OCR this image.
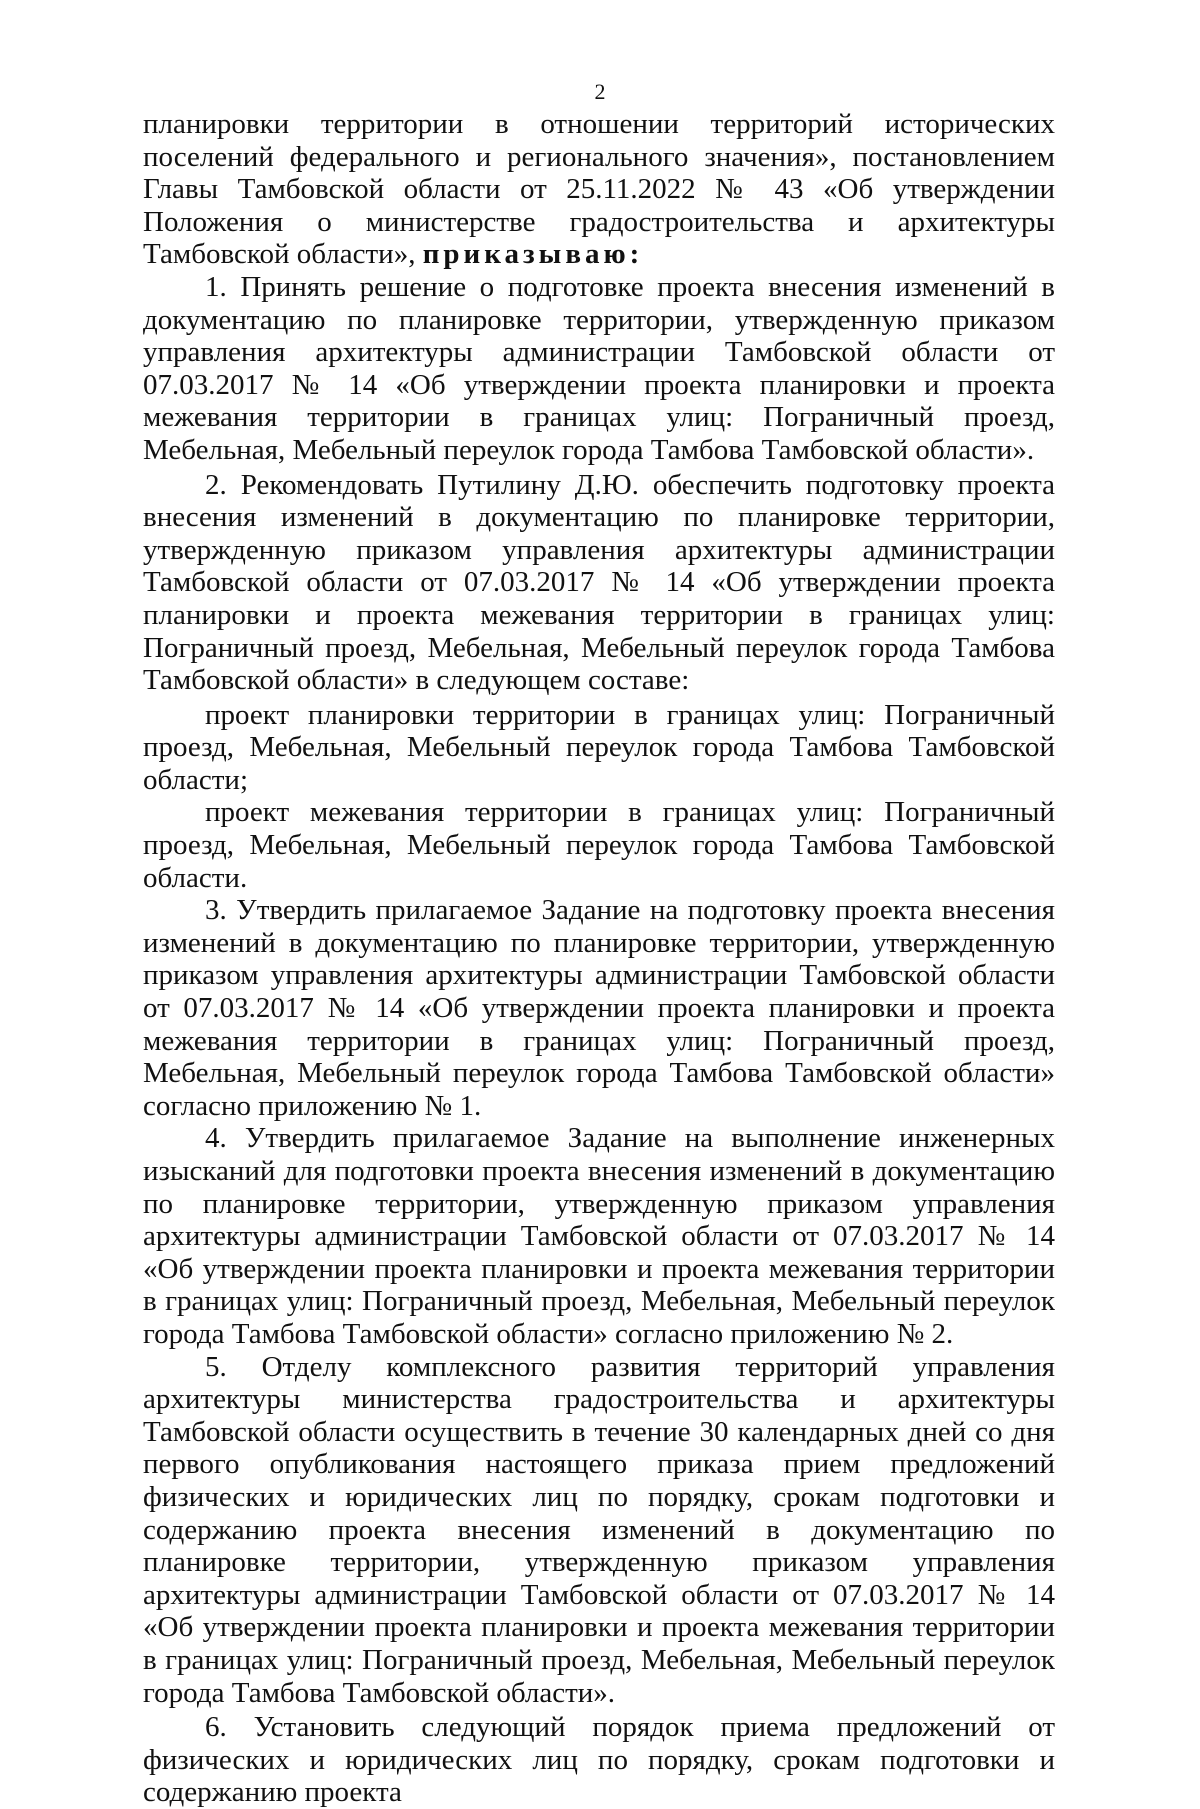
2

планировки территории в отношении территорий исторических поселений федерального и регионального значения», постановлением Главы Тамбовской области от 25.11.2022 № 43 «Об утверждении Положения о министерстве градостроительства и архитектуры Тамбовской области», приказываю:

1. Принять решение о подготовке проекта внесения изменений в документацию по планировке территории, утвержденную приказом управления архитектуры администрации Тамбовской области от 07.03.2017 № 14 «Об утверждении проекта планировки и проекта межевания территории в границах улиц: Пограничный проезд, Мебельная, Мебельный переулок города Тамбова Тамбовской области».

2. Рекомендовать Путилину Д.Ю. обеспечить подготовку проекта внесения изменений в документацию по планировке территории, утвержденную приказом управления архитектуры администрации Тамбовской области от 07.03.2017 № 14 «Об утверждении проекта планировки и проекта межевания территории в границах улиц: Пограничный проезд, Мебельная, Мебельный переулок города Тамбова Тамбовской области» в следующем составе:

проект планировки территории в границах улиц: Пограничный проезд, Мебельная, Мебельный переулок города Тамбова Тамбовской области;

проект межевания территории в границах улиц: Пограничный проезд, Мебельная, Мебельный переулок города Тамбова Тамбовской области.

3. Утвердить прилагаемое Задание на подготовку проекта внесения изменений в документацию по планировке территории, утвержденную приказом управления архитектуры администрации Тамбовской области от 07.03.2017 № 14 «Об утверждении проекта планировки и проекта межевания территории в границах улиц: Пограничный проезд, Мебельная, Мебельный переулок города Тамбова Тамбовской области» согласно приложению № 1.

4. Утвердить прилагаемое Задание на выполнение инженерных изысканий для подготовки проекта внесения изменений в документацию по планировке территории, утвержденную приказом управления архитектуры администрации Тамбовской области от 07.03.2017 № 14 «Об утверждении проекта планировки и проекта межевания территории в границах улиц: Пограничный проезд, Мебельная, Мебельный переулок города Тамбова Тамбовской области» согласно приложению № 2.

5. Отделу комплексного развития территорий управления архитектуры министерства градостроительства и архитектуры Тамбовской области осуществить в течение 30 календарных дней со дня первого опубликования настоящего приказа прием предложений физических и юридических лиц по порядку, срокам подготовки и содержанию проекта внесения изменений в документацию по планировке территории, утвержденную приказом управления архитектуры администрации Тамбовской области от 07.03.2017 № 14 «Об утверждении проекта планировки и проекта межевания территории в границах улиц: Пограничный проезд, Мебельная, Мебельный переулок города Тамбова Тамбовской области».

6. Установить следующий порядок приема предложений от физических и юридических лиц по порядку, срокам подготовки и содержанию проекта
